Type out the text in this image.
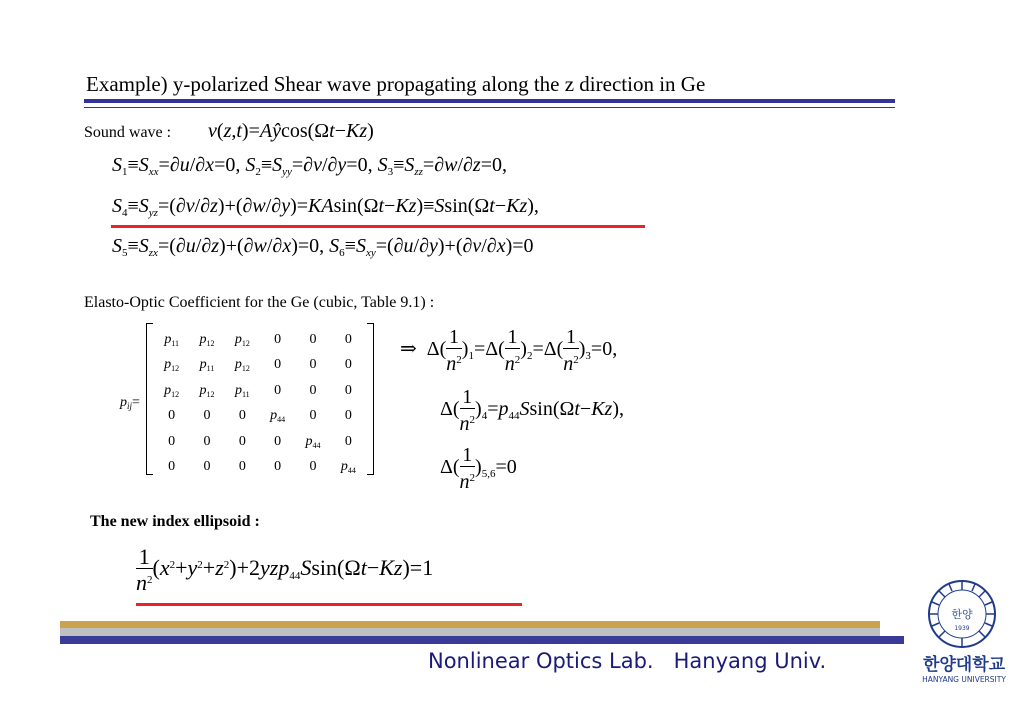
Example) y-polarized Shear wave propagating along the z direction in Ge
Sound wave : v(z,t)=Aŷcos(Ωt−Kz)
$S_1\equiv S_{xx}=\partial u/\partial x=0$, $S_2\equiv S_{yy}=\partial v/\partial y=0$, $S_3\equiv S_{zz}=\partial w/\partial z=0$,
$S_4\equiv S_{yz}=(\partial v/\partial z)+(\partial w/\partial y)=KAsin(\Omega t-Kz)\equiv Ssin(\Omega t-Kz)$,
$S_5\equiv S_{zx}=(\partial u/\partial z)+(\partial w/\partial x)=0$, $S_6\equiv S_{xy}=(\partial u/\partial y)+(\partial v/\partial x)=0$
Elasto-Optic Coefficient for the Ge (cubic, Table 9.1) :
$p_{ij}=$
$p_{11}$	$p_{12}$	$p_{12}$	0	0	0
$p_{12}$	$p_{11}$	$p_{12}$	0	0	0
$p_{12}$	$p_{12}$	$p_{11}$	0	0	0
0	0	0	$p_{44}$	0	0
0	0	0	0	$p_{44}$	0
0	0	0	0	0	$p_{44}$
⇒  $\Delta( \frac{1}{n^2} )_1=\Delta( \frac{1}{n^2} )_2=\Delta( \frac{1}{n^2} )_3=0$,
$\Delta( \frac{1}{n^2} )_4=p_{44}Ssin(\Omega t-Kz)$,
$\Delta( \frac{1}{n^2} )_{5,6}=0$
The new index ellipsoid :
$\frac{1}{n^2} (x^2+y^2+z^2)+2yzp_{44}Ssin(\Omega t-Kz)=1$
Nonlinear Optics Lab. Hanyang Univ.
한양
1939
한양대학교
HANYANG UNIVERSITY
